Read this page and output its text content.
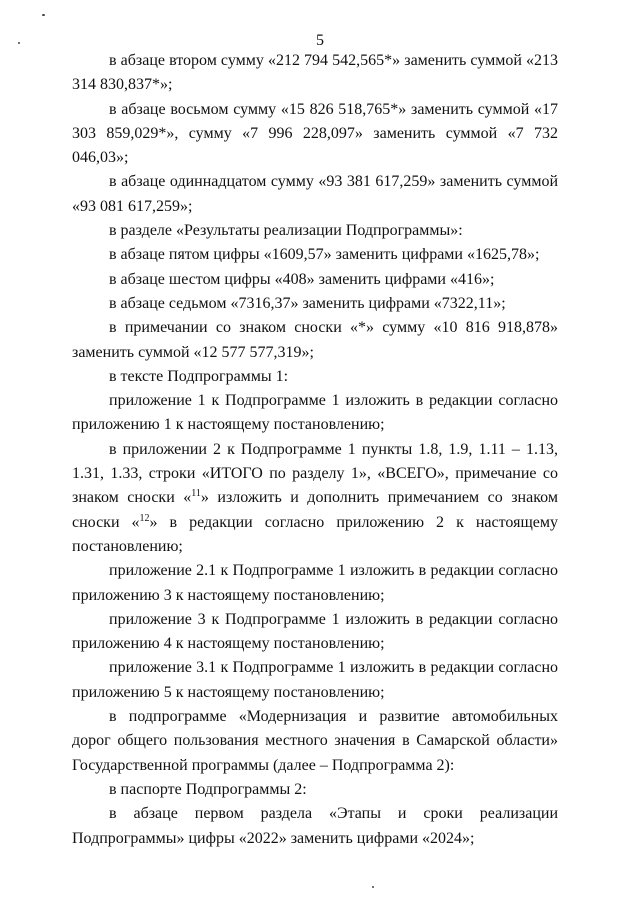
5

в абзаце втором сумму «212 794 542,565*» заменить суммой «213 314 830,837*»;

в абзаце восьмом сумму «15 826 518,765*» заменить суммой «17 303 859,029*», сумму «7 996 228,097» заменить суммой «7 732 046,03»;

в абзаце одиннадцатом сумму «93 381 617,259» заменить суммой «93 081 617,259»;

в разделе «Результаты реализации Подпрограммы»:

в абзаце пятом цифры «1609,57» заменить цифрами «1625,78»;

в абзаце шестом цифры «408» заменить цифрами «416»;

в абзаце седьмом «7316,37» заменить цифрами «7322,11»;

в примечании со знаком сноски «*» сумму «10 816 918,878» заменить суммой «12 577 577,319»;

в тексте Подпрограммы 1:

приложение 1 к Подпрограмме 1 изложить в редакции согласно приложению 1 к настоящему постановлению;

в приложении 2 к Подпрограмме 1 пункты 1.8, 1.9, 1.11 – 1.13, 1.31, 1.33, строки «ИТОГО по разделу 1», «ВСЕГО», примечание со знаком сноски «$^{11}$» изложить и дополнить примечанием со знаком сноски «$^{12}$» в редакции согласно приложению 2 к настоящему постановлению;

приложение 2.1 к Подпрограмме 1 изложить в редакции согласно приложению 3 к настоящему постановлению;

приложение 3 к Подпрограмме 1 изложить в редакции согласно приложению 4 к настоящему постановлению;

приложение 3.1 к Подпрограмме 1 изложить в редакции согласно приложению 5 к настоящему постановлению;

в подпрограмме «Модернизация и развитие автомобильных дорог общего пользования местного значения в Самарской области» Государственной программы (далее – Подпрограмма 2):

в паспорте Подпрограммы 2:

в абзаце первом раздела «Этапы и сроки реализации Подпрограммы» цифры «2022» заменить цифрами «2024»;
